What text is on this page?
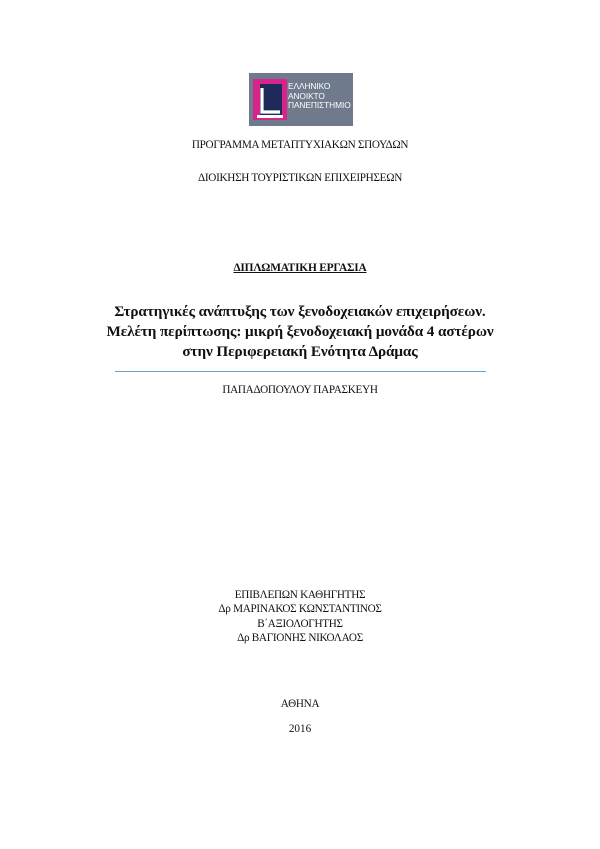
ΕΛΛΗΝΙΚΟ
ΑΝΟΙΚΤΟ
ΠΑΝΕΠΙΣΤΗΜΙΟ
ΠΡΟΓΡΑΜΜΑ ΜΕΤΑΠΤΥΧΙΑΚΩΝ ΣΠΟΥΔΩΝ
ΔΙΟΙΚΗΣΗ ΤΟΥΡΙΣΤΙΚΩΝ ΕΠΙΧΕΙΡΗΣΕΩΝ
ΔΙΠΛΩΜΑΤΙΚΗ ΕΡΓΑΣΙΑ
Στρατηγικές ανάπτυξης των ξενοδοχειακών επιχειρήσεων.
Μελέτη περίπτωσης: μικρή ξενοδοχειακή μονάδα 4 αστέρων
στην Περιφερειακή Ενότητα Δράμας
ΠΑΠΑΔΟΠΟΥΛΟΥ ΠΑΡΑΣΚΕΥΗ
ΕΠΙΒΛΕΠΩΝ ΚΑΘΗΓΗΤΗΣ
Δρ ΜΑΡΙΝΑΚΟΣ ΚΩΝΣΤΑΝΤΙΝΟΣ
Β΄ΑΞΙΟΛΟΓΗΤΗΣ
Δρ ΒΑΓΙΟΝΗΣ ΝΙΚΟΛΑΟΣ
ΑΘΗΝΑ
2016
